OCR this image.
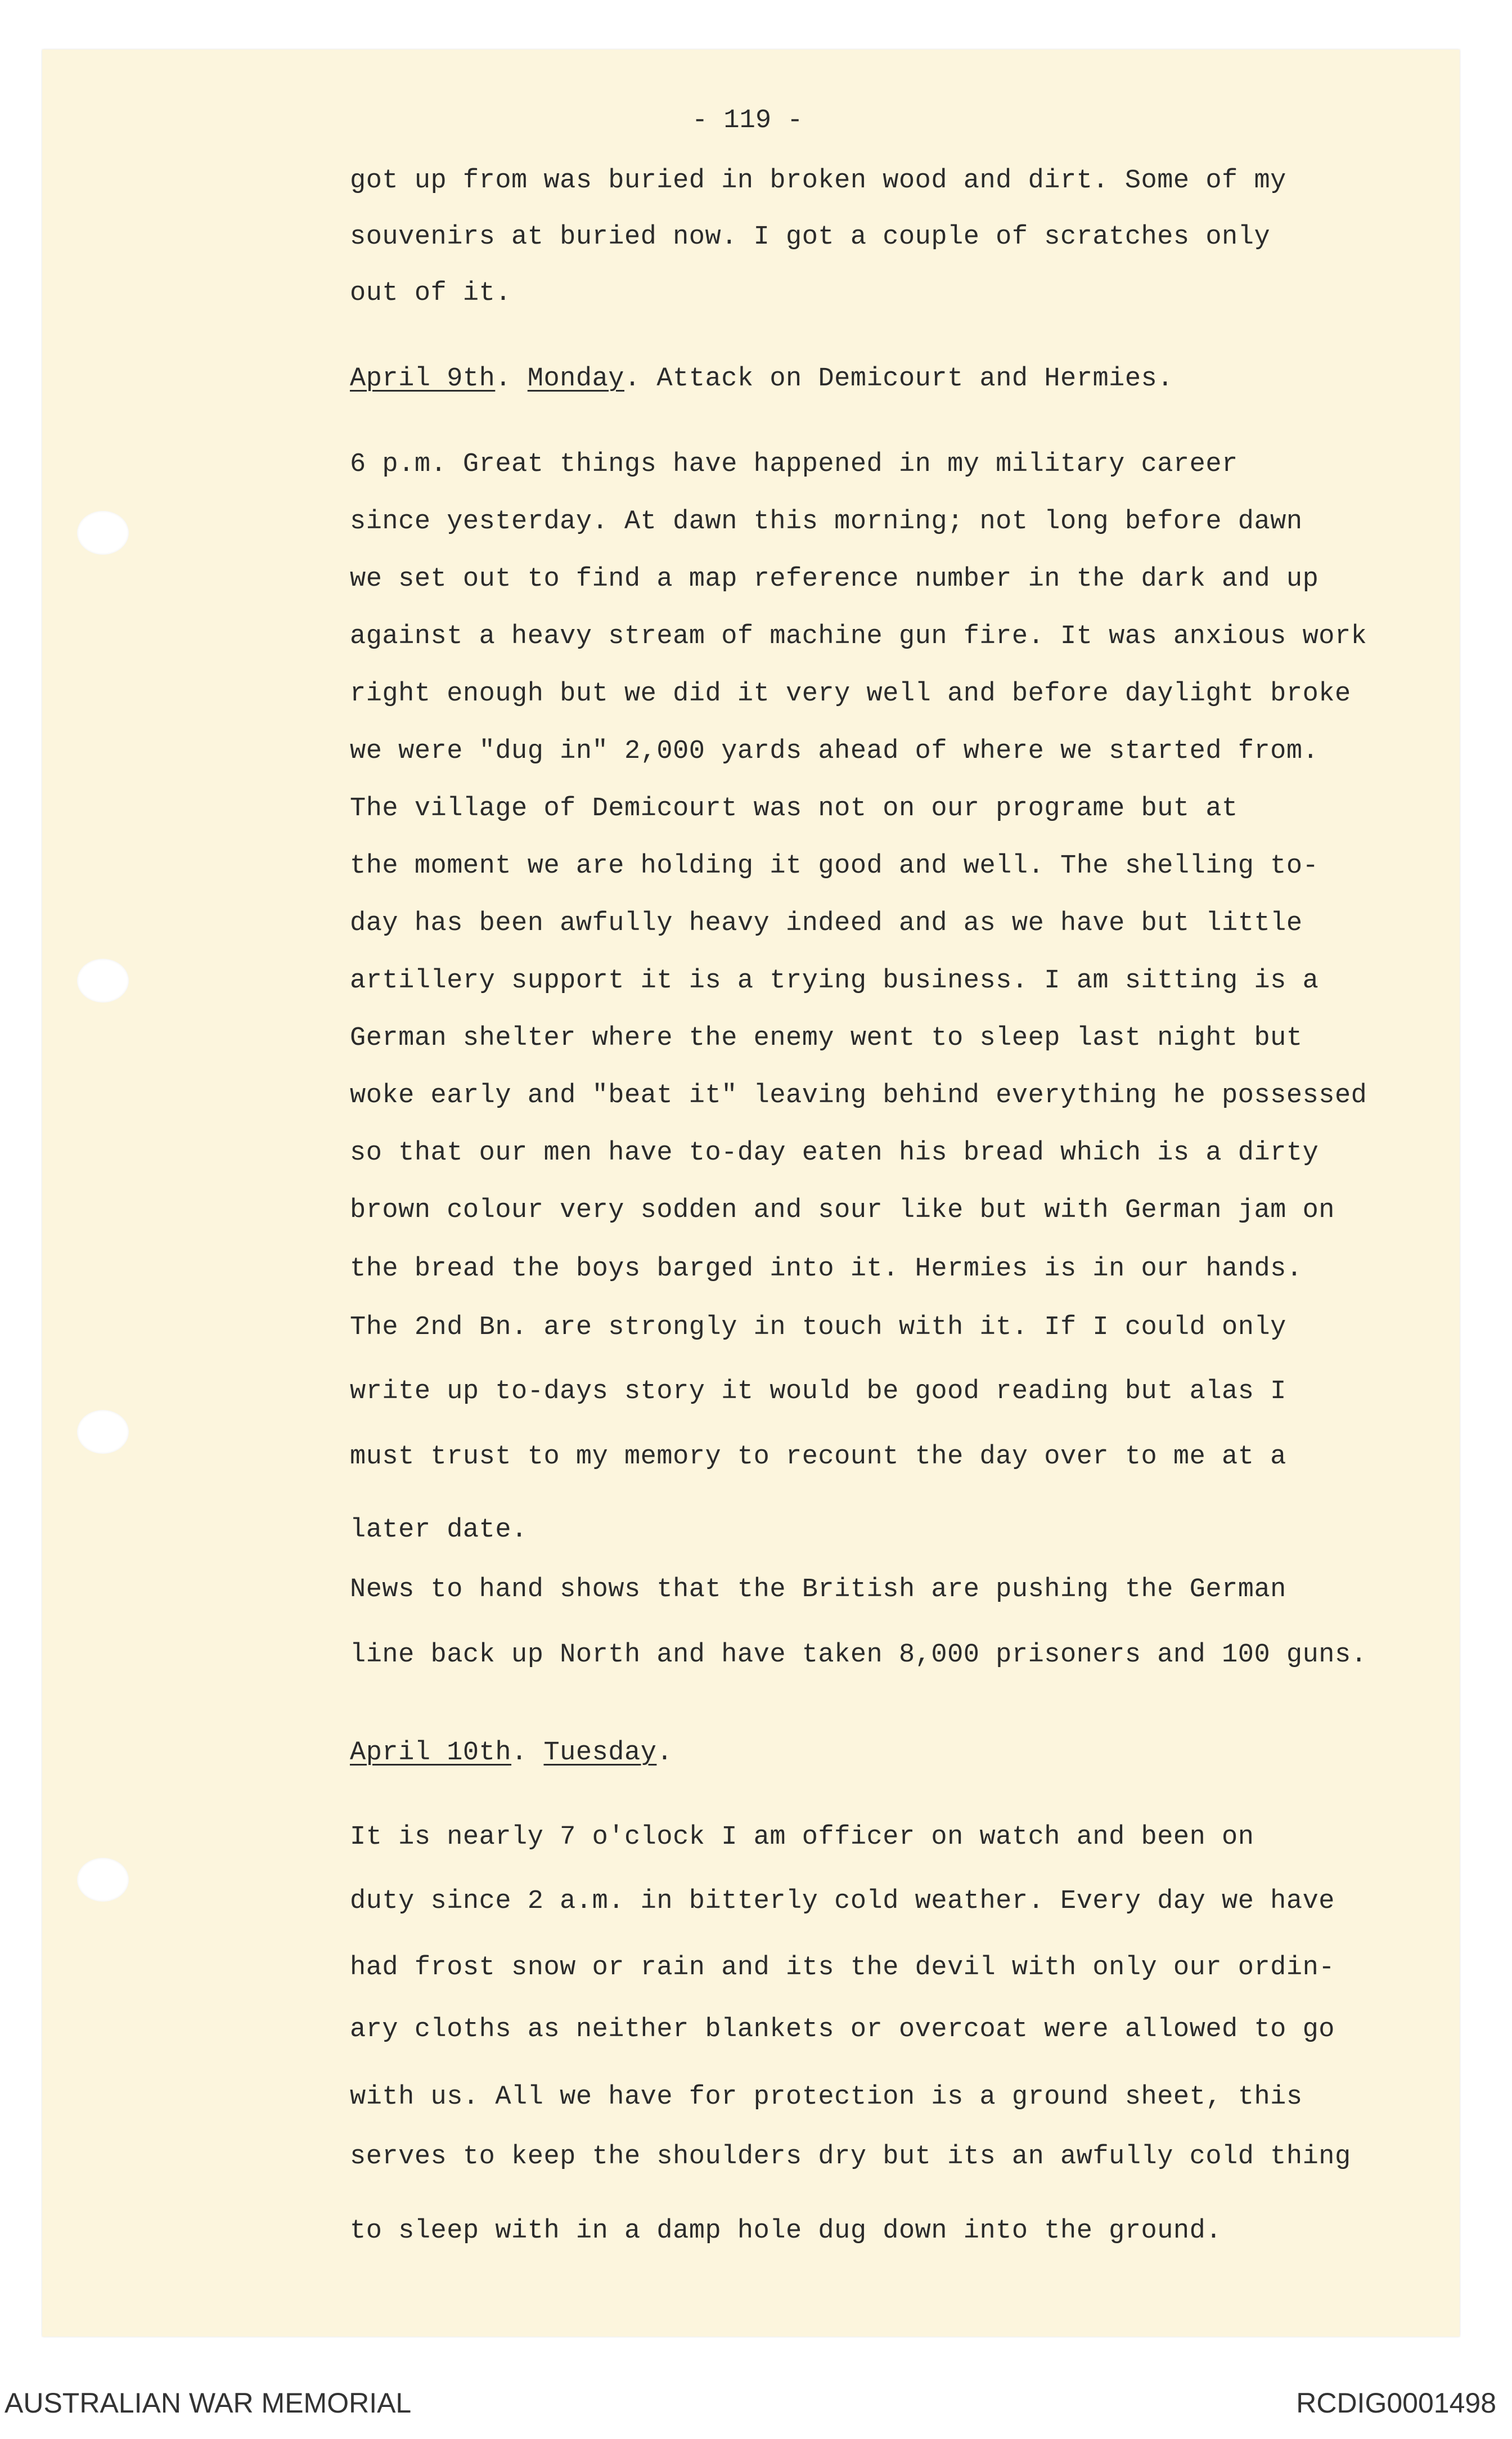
- 119 -
got up from was buried in broken wood and dirt. Some of my
souvenirs at buried now. I got a couple of scratches only
out of it.
April 9th. Monday. Attack on Demicourt and Hermies.
6 p.m. Great things have happened in my military career
since yesterday. At dawn this morning; not long before dawn
we set out to find a map reference number in the dark and up
against a heavy stream of machine gun fire. It was anxious work
right enough but we did it very well and before daylight broke
we were "dug in" 2,000 yards ahead of where we started from.
The village of Demicourt was not on our programe but at
the moment we are holding it good and well. The shelling to-
day has been awfully heavy indeed and as we have but little
artillery support it is a trying business. I am sitting is a
German shelter where the enemy went to sleep last night but
woke early and "beat it" leaving behind everything he possessed
so that our men have to-day eaten his bread which is a dirty
brown colour very sodden and sour like but with German jam on
the bread the boys barged into it. Hermies is in our hands.
The 2nd Bn. are strongly in touch with it. If I could only
write up to-days story it would be good reading but alas I
must trust to my memory to recount the day over to me at a
later date.
News to hand shows that the British are pushing the German
line back up North and have taken 8,000 prisoners and 100 guns.
April 10th. Tuesday.
It is nearly 7 o'clock I am officer on watch and been on
duty since 2 a.m. in bitterly cold weather. Every day we have
had frost snow or rain and its the devil with only our ordin-
ary cloths as neither blankets or overcoat were allowed to go
with us. All we have for protection is a ground sheet, this
serves to keep the shoulders dry but its an awfully cold thing
to sleep with in a damp hole dug down into the ground.
AUSTRALIAN WAR MEMORIAL	RCDIG0001498
